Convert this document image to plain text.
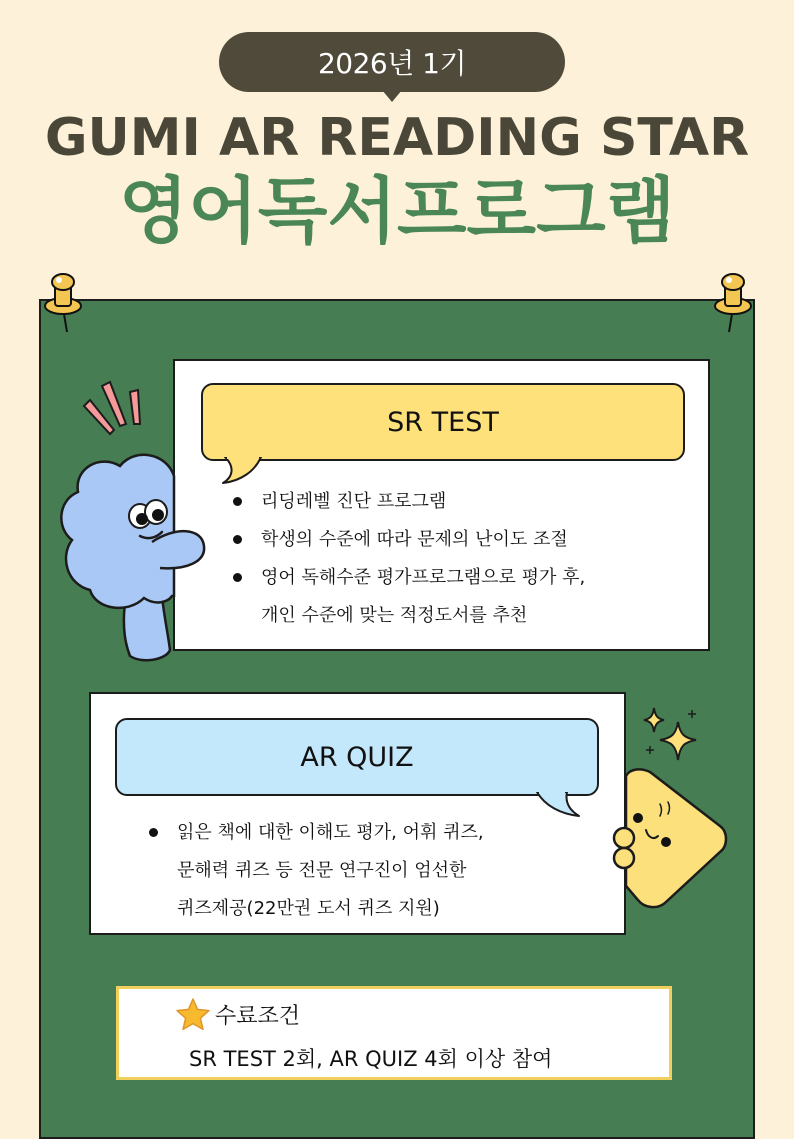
2026년 1기
GUMI AR READING STAR
영어독서프로그램
SR TEST
리딩레벨 진단 프로그램
학생의 수준에 따라 문제의 난이도 조절
영어 독해수준 평가프로그램으로 평가 후,
개인 수준에 맞는 적정도서를 추천
AR QUIZ
읽은 책에 대한 이해도 평가, 어휘 퀴즈,
문해력 퀴즈 등 전문 연구진이 엄선한
퀴즈제공(22만권 도서 퀴즈 지원)
수료조건
SR TEST 2회, AR QUIZ 4회 이상 참여
